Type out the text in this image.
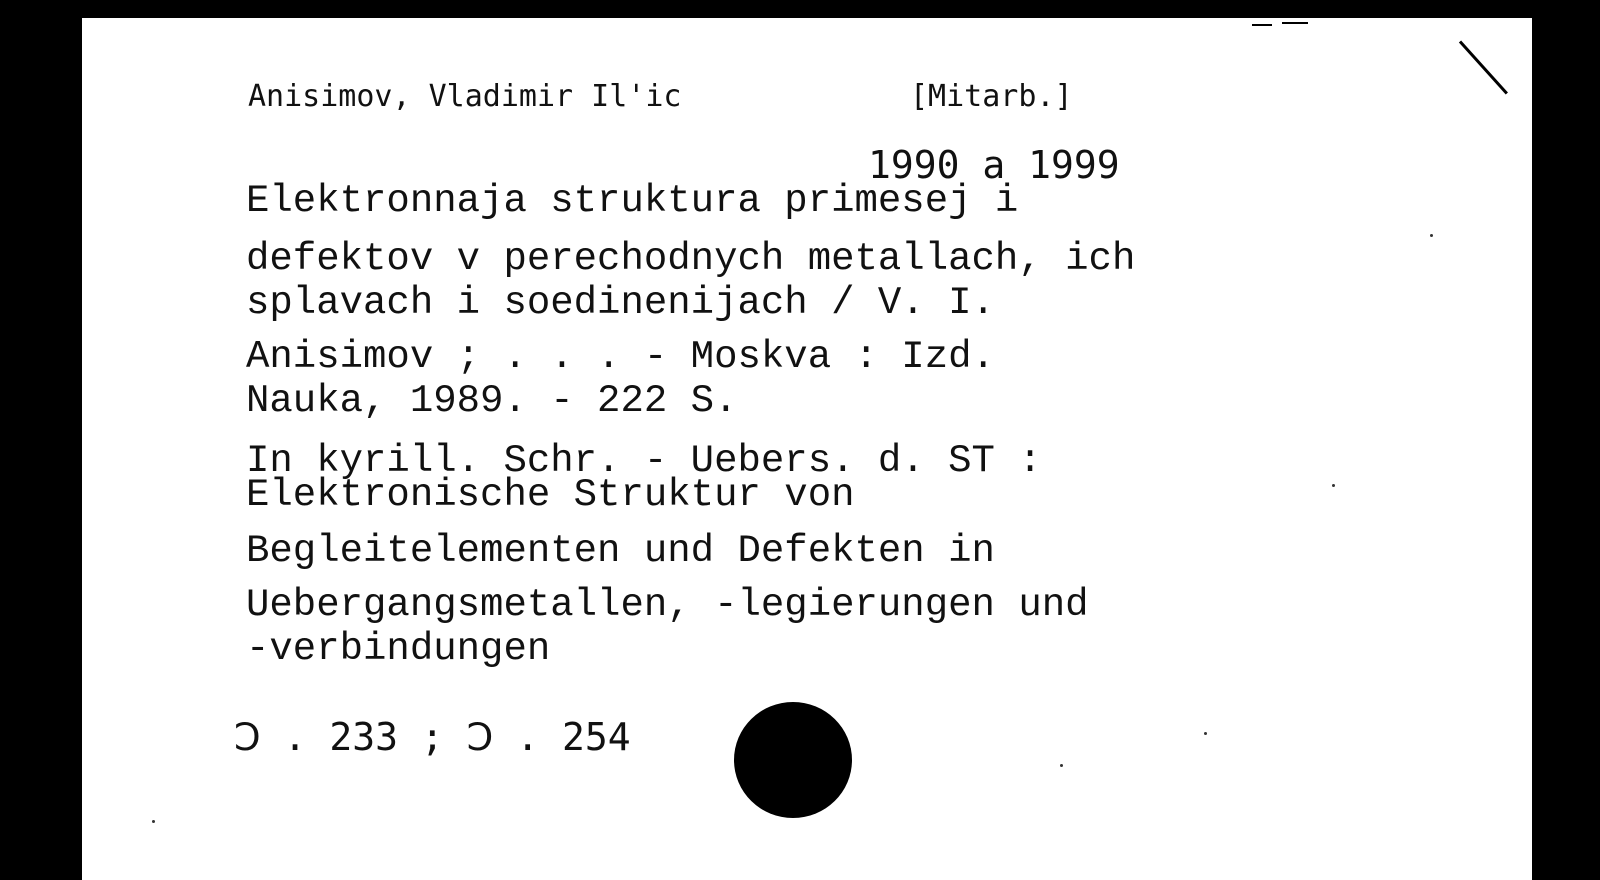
Anisimov, Vladimir Il'ic	[Mitarb.]
1990 a 1999
Elektronnaja struktura primesej i
defektov v perechodnych metallach, ich
splavach i soedinenijach / V. I.
Anisimov ; . . . - Moskva : Izd.
Nauka, 1989. - 222 S.
In kyrill. Schr. - Uebers. d. ST :
Elektronische Struktur von
Begleitelementen und Defekten in
Uebergangsmetallen, -legierungen und
-verbindungen
Ↄ . 233 ; Ↄ . 254
